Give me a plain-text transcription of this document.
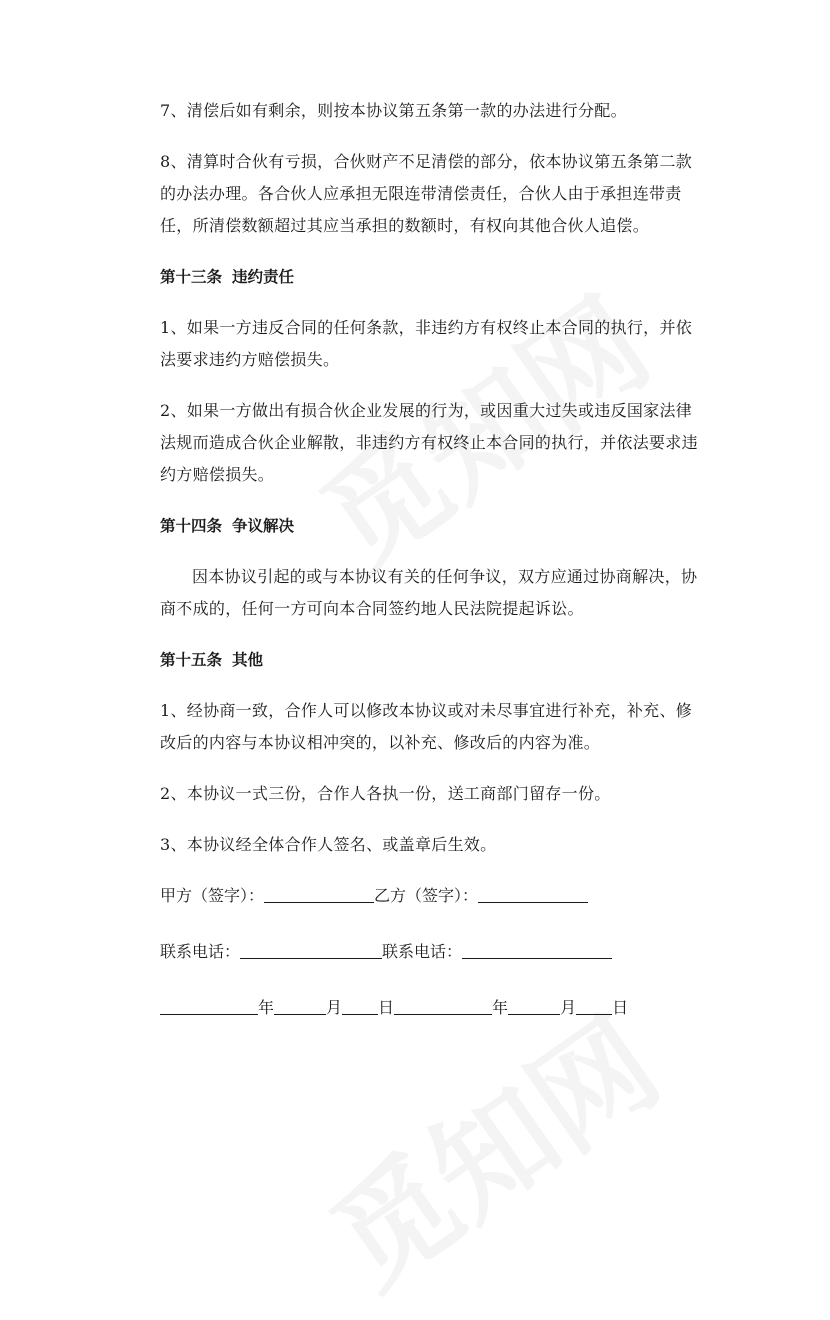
7、清偿后如有剩余，则按本协议第五条第一款的办法进行分配。

8、清算时合伙有亏损，合伙财产不足清偿的部分，依本协议第五条第二款的办法办理。各合伙人应承担无限连带清偿责任，合伙人由于承担连带责任，所清偿数额超过其应当承担的数额时，有权向其他合伙人追偿。

第十三条 违约责任

1、如果一方违反合同的任何条款，非违约方有权终止本合同的执行，并依法要求违约方赔偿损失。

2、如果一方做出有损合伙企业发展的行为，或因重大过失或违反国家法律法规而造成合伙企业解散，非违约方有权终止本合同的执行，并依法要求违约方赔偿损失。

第十四条 争议解决

因本协议引起的或与本协议有关的任何争议，双方应通过协商解决，协商不成的，任何一方可向本合同签约地人民法院提起诉讼。

第十五条 其他

1、经协商一致，合作人可以修改本协议或对未尽事宜进行补充，补充、修改后的内容与本协议相冲突的，以补充、修改后的内容为准。

2、本协议一式三份，合作人各执一份，送工商部门留存一份。

3、本协议经全体合作人签名、或盖章后生效。

甲方（签字）：	乙方（签字）：
联系电话：	联系电话：
年	月 日	年	月 日
